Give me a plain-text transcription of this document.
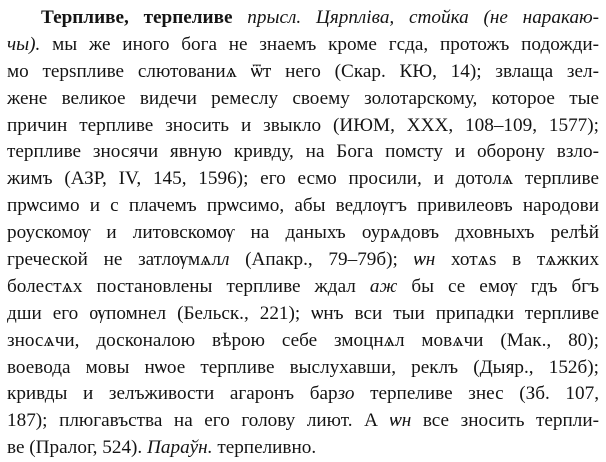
Терпливе, терпеливе прысл. Цярпліва, стойка (не наракаю-
чы). мы же иного бога не знаемъ кроме гсда, протожъ подожди-
мо терѕпливе слютованиѧ ѿт него (Скар. КЮ, 14); звлаща зел-
жене великое видечи ремеслу своему золотарскому, которое тые
причин терпливе зносить и звыкло (ИЮМ, XXX, 108–109, 1577);
терпливе зносячи явную кривду, на Бога помсту и оборону взло-
жимъ (АЗР, IV, 145, 1596); его есмо просили, и дотолѧ терпливе
прѡсимо и с плачемъ прѡсимо, абы ведлѹгъ привилеовъ народови
роускомѹ и литовскомѹ на даныхъ оурѧдовъ дховныхъ релѣй
греческой не затлѹмѧлл (Апакр., 79–79б); ѡн хотѧѕ в тѧжких
болестѧх постановлены терпливе ждал аж бы се емѹ гдъ бгъ
дши его ѹпомнел (Бельск., 221); ѡнъ вси тыи припадки терпливе
зносѧчи, досконалою вѣрою себе змоцнѧл мовѧчи (Мак., 80);
воевода мовы нѡое терпливе выслухавши, реклъ (Дыяр., 152б);
кривды и зелъживости агаронъ барзо терпеливе знес (Зб. 107,
187); плюгавъства на его голову лиют. А ѡн все зносить терпли-
ве (Пралог, 524). Параўн. терпеливно.
